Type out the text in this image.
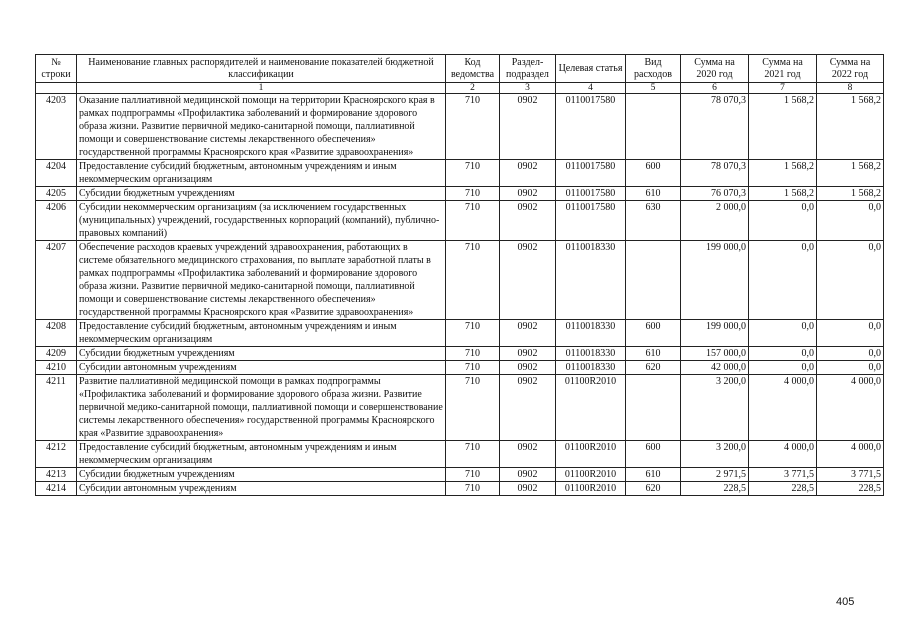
№ строки	Наименование главных распорядителей и наименование показателей бюджетной классификации	Код ведомства	Раздел-подраздел	Целевая статья	Вид расходов	Сумма на 2020 год	Сумма на 2021 год	Сумма на 2022 год
	1	2	3	4	5	6	7	8
4203	Оказание паллиативной медицинской помощи на территории Красноярского края в рамках подпрограммы «Профилактика заболеваний и формирование здорового образа жизни. Развитие первичной медико-санитарной помощи, паллиативной помощи и совершенствование системы лекарственного обеспечения» государственной программы Красноярского края «Развитие здравоохранения»	710	0902	0110017580		78 070,3	1 568,2	1 568,2
4204	Предоставление субсидий бюджетным, автономным учреждениям и иным некоммерческим организациям	710	0902	0110017580	600	78 070,3	1 568,2	1 568,2
4205	Субсидии бюджетным учреждениям	710	0902	0110017580	610	76 070,3	1 568,2	1 568,2
4206	Субсидии некоммерческим организациям (за исключением государственных (муниципальных) учреждений, государственных корпораций (компаний), публично-правовых компаний)	710	0902	0110017580	630	2 000,0	0,0	0,0
4207	Обеспечение расходов краевых учреждений здравоохранения, работающих в системе обязательного медицинского страхования, по выплате заработной платы в рамках подпрограммы «Профилактика заболеваний и формирование здорового образа жизни. Развитие первичной медико-санитарной помощи, паллиативной помощи и совершенствование системы лекарственного обеспечения» государственной программы Красноярского края «Развитие здравоохранения»	710	0902	0110018330		199 000,0	0,0	0,0
4208	Предоставление субсидий бюджетным, автономным учреждениям и иным некоммерческим организациям	710	0902	0110018330	600	199 000,0	0,0	0,0
4209	Субсидии бюджетным учреждениям	710	0902	0110018330	610	157 000,0	0,0	0,0
4210	Субсидии автономным учреждениям	710	0902	0110018330	620	42 000,0	0,0	0,0
4211	Развитие паллиативной медицинской помощи в рамках подпрограммы «Профилактика заболеваний и формирование здорового образа жизни. Развитие первичной медико-санитарной помощи, паллиативной помощи и совершенствование системы лекарственного обеспечения» государственной программы Красноярского края «Развитие здравоохранения»	710	0902	01100R2010		3 200,0	4 000,0	4 000,0
4212	Предоставление субсидий бюджетным, автономным учреждениям и иным некоммерческим организациям	710	0902	01100R2010	600	3 200,0	4 000,0	4 000,0
4213	Субсидии бюджетным учреждениям	710	0902	01100R2010	610	2 971,5	3 771,5	3 771,5
4214	Субсидии автономным учреждениям	710	0902	01100R2010	620	228,5	228,5	228,5
405
